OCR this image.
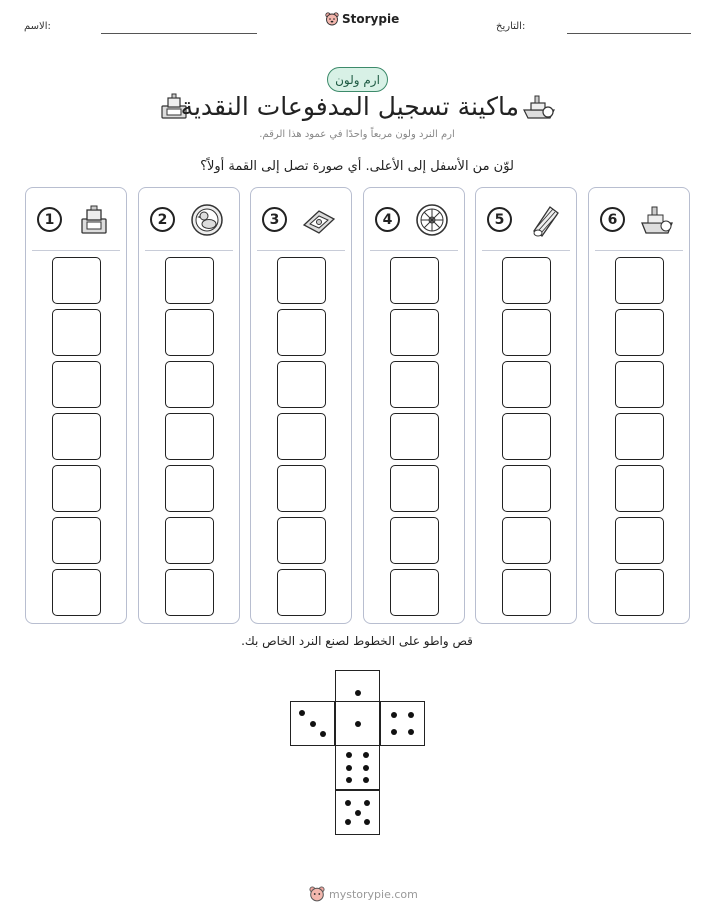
الاسم:
Storypie
التاريخ:
ارم ولون
ماكينة تسجيل المدفوعات النقدية
ارم النرد ولون مربعاً واحدًا في عمود هذا الرقم.
لوّن من الأسفل إلى الأعلى. أي صورة تصل إلى القمة أولاً؟
1	2	3	4	5	6
قص واطو على الخطوط لصنع النرد الخاص بك.
mystorypie.com
